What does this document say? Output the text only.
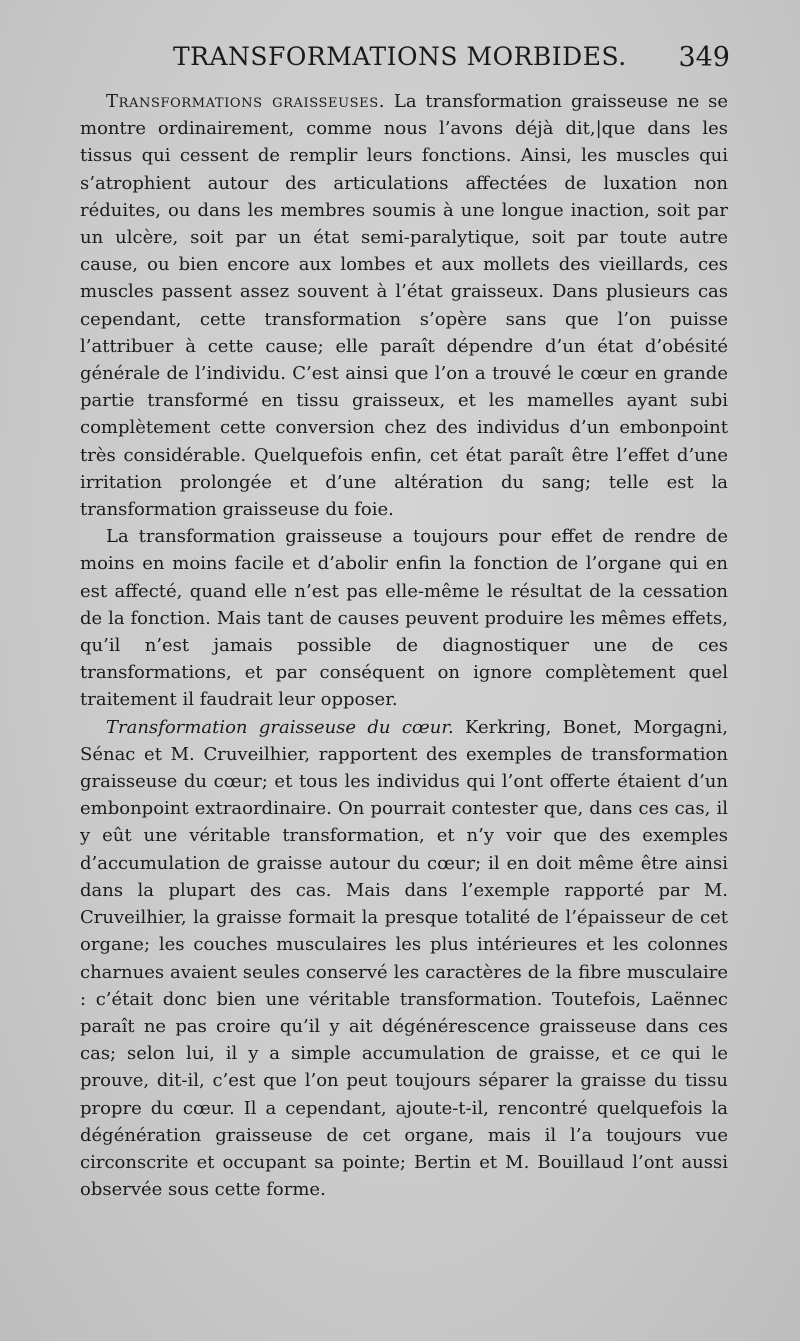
TRANSFORMATIONS MORBIDES. 349

Transformations graisseuses. La transformation graisseuse ne se montre ordinairement, comme nous l’avons déjà dit,|que dans les tissus qui cessent de remplir leurs fonctions. Ainsi, les muscles qui s’atrophient autour des articulations affectées de luxation non réduites, ou dans les membres soumis à une longue inaction, soit par un ulcère, soit par un état semi-paralytique, soit par toute autre cause, ou bien encore aux lombes et aux mollets des vieillards, ces muscles passent assez souvent à l’état graisseux. Dans plusieurs cas cependant, cette transformation s’opère sans que l’on puisse l’attribuer à cette cause; elle paraît dépendre d’un état d’obésité générale de l’individu. C’est ainsi que l’on a trouvé le cœur en grande partie transformé en tissu graisseux, et les mamelles ayant subi complètement cette conversion chez des individus d’un embonpoint très considérable. Quelquefois enfin, cet état paraît être l’effet d’une irritation prolongée et d’une altération du sang; telle est la transformation graisseuse du foie.

La transformation graisseuse a toujours pour effet de rendre de moins en moins facile et d’abolir enfin la fonction de l’organe qui en est affecté, quand elle n’est pas elle-même le résultat de la cessation de la fonction. Mais tant de causes peuvent produire les mêmes effets, qu’il n’est jamais possible de diagnostiquer une de ces transformations, et par conséquent on ignore complètement quel traitement il faudrait leur opposer.

Transformation graisseuse du cœur. Kerkring, Bonet, Morgagni, Sénac et M. Cruveilhier, rapportent des exemples de transformation graisseuse du cœur; et tous les individus qui l’ont offerte étaient d’un embonpoint extraordinaire. On pourrait contester que, dans ces cas, il y eût une véritable transformation, et n’y voir que des exemples d’accumulation de graisse autour du cœur; il en doit même être ainsi dans la plupart des cas. Mais dans l’exemple rapporté par M. Cruveilhier, la graisse formait la presque totalité de l’épaisseur de cet organe; les couches musculaires les plus intérieures et les colonnes charnues avaient seules conservé les caractères de la fibre musculaire : c’était donc bien une véritable transformation. Toutefois, Laënnec paraît ne pas croire qu’il y ait dégénérescence graisseuse dans ces cas; selon lui, il y a simple accumulation de graisse, et ce qui le prouve, dit-il, c’est que l’on peut toujours séparer la graisse du tissu propre du cœur. Il a cependant, ajoute-t-il, rencontré quelquefois la dégénération graisseuse de cet organe, mais il l’a toujours vue circonscrite et occupant sa pointe; Bertin et M. Bouillaud l’ont aussi observée sous cette forme.
